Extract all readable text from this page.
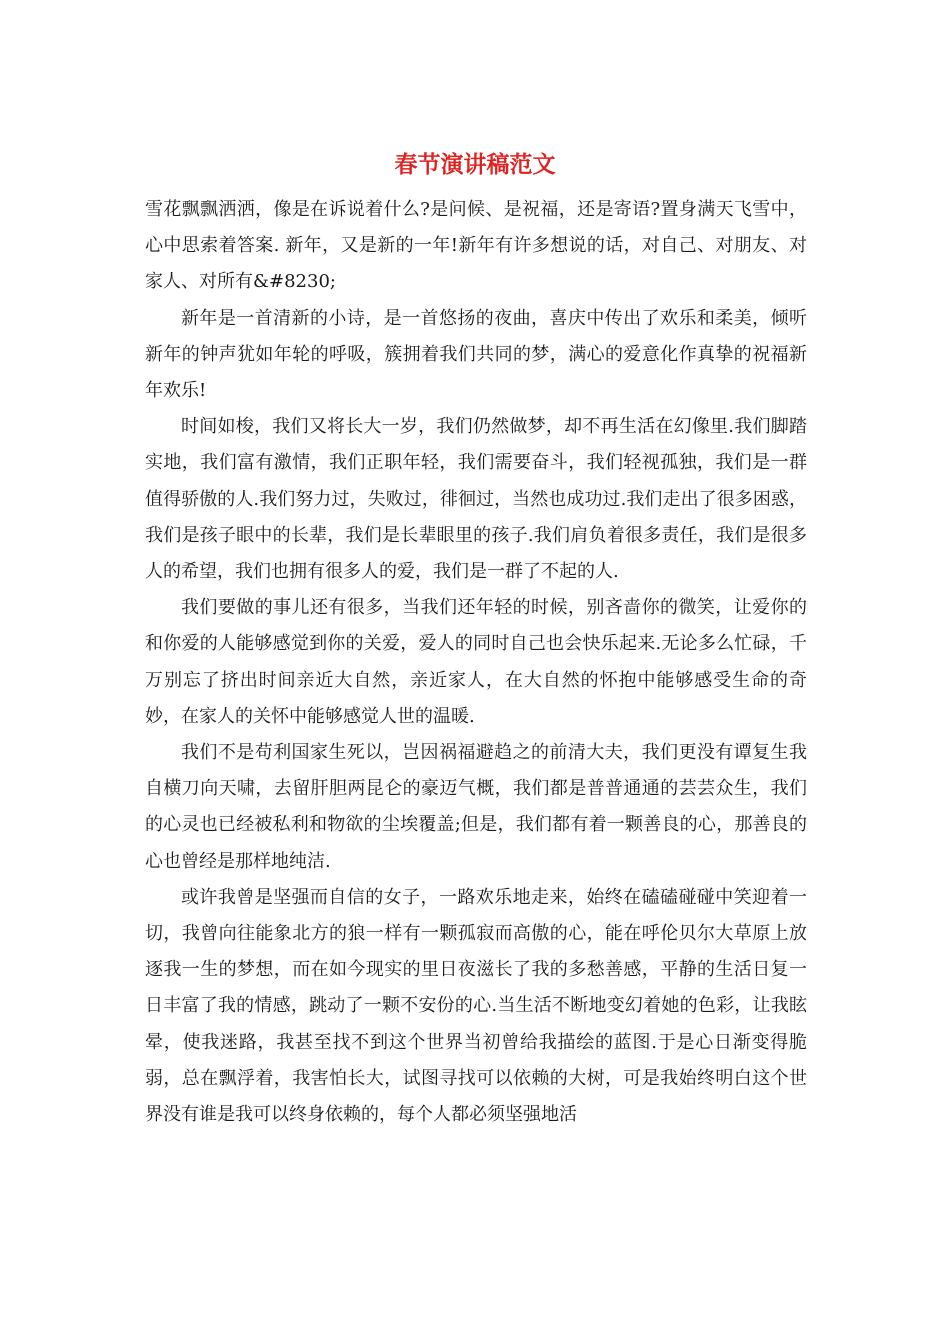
春节演讲稿范文

雪花飘飘洒洒，像是在诉说着什么?是问候、是祝福，还是寄语?置身满天飞雪中，心中思索着答案. 新年，又是新的一年!新年有许多想说的话，对自己、对朋友、对家人、对所有&#8230;

新年是一首清新的小诗，是一首悠扬的夜曲，喜庆中传出了欢乐和柔美，倾听新年的钟声犹如年轮的呼吸，簇拥着我们共同的梦，满心的爱意化作真挚的祝福新年欢乐!

时间如梭，我们又将长大一岁，我们仍然做梦，却不再生活在幻像里.我们脚踏实地，我们富有激情，我们正职年轻，我们需要奋斗，我们轻视孤独，我们是一群值得骄傲的人.我们努力过，失败过，徘徊过，当然也成功过.我们走出了很多困惑，我们是孩子眼中的长辈，我们是长辈眼里的孩子.我们肩负着很多责任，我们是很多人的希望，我们也拥有很多人的爱，我们是一群了不起的人.

我们要做的事儿还有很多，当我们还年轻的时候，别吝啬你的微笑，让爱你的和你爱的人能够感觉到你的关爱，爱人的同时自己也会快乐起来.无论多么忙碌，千万别忘了挤出时间亲近大自然，亲近家人，在大自然的怀抱中能够感受生命的奇妙，在家人的关怀中能够感觉人世的温暖.

我们不是苟利国家生死以，岂因祸福避趋之的前清大夫，我们更没有谭复生我自横刀向天啸，去留肝胆两昆仑的豪迈气概，我们都是普普通通的芸芸众生，我们的心灵也已经被私利和物欲的尘埃覆盖;但是，我们都有着一颗善良的心，那善良的心也曾经是那样地纯洁.

或许我曾是坚强而自信的女子，一路欢乐地走来，始终在磕磕碰碰中笑迎着一切，我曾向往能象北方的狼一样有一颗孤寂而高傲的心，能在呼伦贝尔大草原上放逐我一生的梦想，而在如今现实的里日夜滋长了我的多愁善感，平静的生活日复一日丰富了我的情感，跳动了一颗不安份的心.当生活不断地变幻着她的色彩，让我眩晕，使我迷路，我甚至找不到这个世界当初曾给我描绘的蓝图.于是心日渐变得脆弱，总在飘浮着，我害怕长大，试图寻找可以依赖的大树，可是我始终明白这个世界没有谁是我可以终身依赖的，每个人都必须坚强地活
